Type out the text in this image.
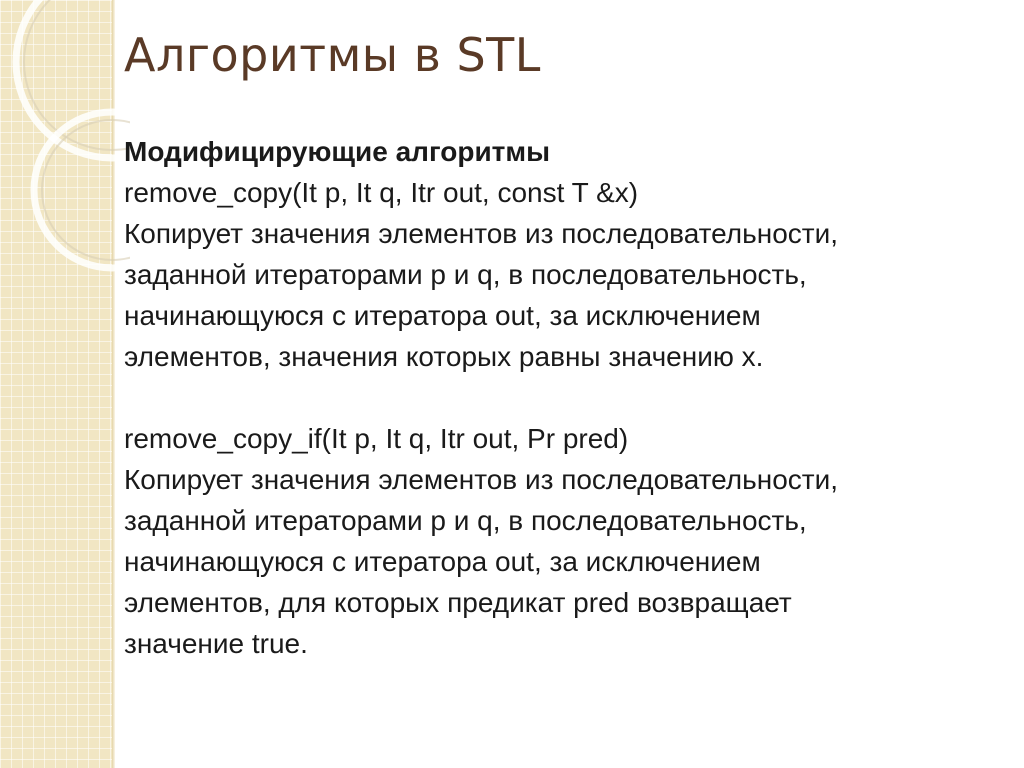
Алгоритмы в STL

Модифицирующие алгоритмы

remove_copy(It p, It q, Itr out, const T &x)

Копирует значения элементов из последовательности,

заданной итераторами p и q, в последовательность,

начинающуюся с итератора out, за исключением

элементов, значения которых равны значению x.

remove_copy_if(It p, It q, Itr out, Pr pred)

Копирует значения элементов из последовательности,

заданной итераторами p и q, в последовательность,

начинающуюся с итератора out, за исключением

элементов, для которых предикат pred возвращает

значение true.
